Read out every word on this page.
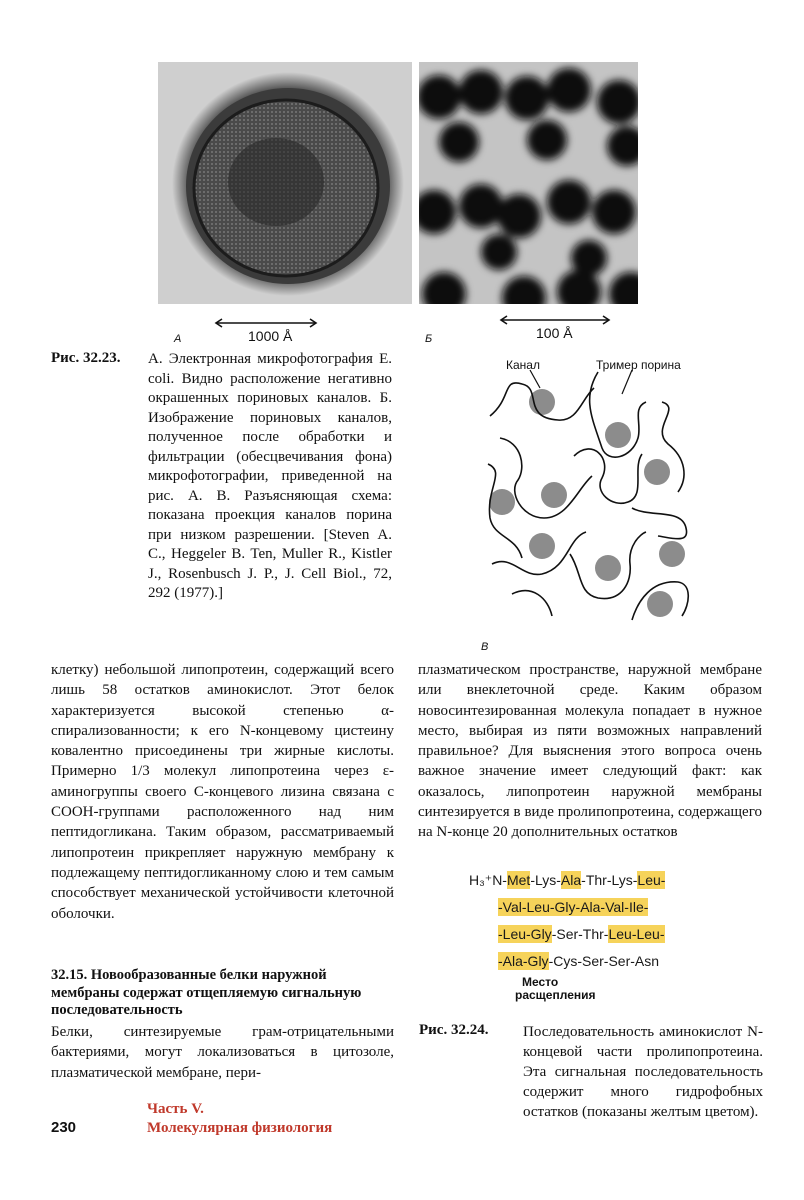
А	1000 Å	Б	100 Å
Рис. 32.23. А. Электронная микрофотография E. coli. Видно расположение негативно окрашенных пориновых каналов. Б. Изображение пориновых каналов, полученное после обработки и фильтрации (обесцвечивания фона) микрофотографии, приведенной на рис. А. В. Разъясняющая схема: показана проекция каналов порина при низком разрешении. [Steven A. C., Heggeler B. Ten, Muller R., Kistler J., Rosenbusch J. P., J. Cell Biol., 72, 292 (1977).]

Канал	Тример порина
В

клетку) небольшой липопротеин, содержащий всего лишь 58 остатков аминокислот. Этот белок характеризуется высокой степенью α-спирализованности; к его N-концевому цистеину ковалентно присоединены три жирные кислоты. Примерно 1/3 молекул липопротеина через ε-аминогруппы своего С-концевого лизина связана с СООН-группами расположенного над ним пептидогликана. Таким образом, рассматриваемый липопротеин прикрепляет наружную мембрану к подлежащему пептидогликанному слою и тем самым способствует механической устойчивости клеточной оболочки.

32.15. Новообразованные белки наружной мембраны содержат отщепляемую сигнальную последовательность

Белки, синтезируемые грам-отрицательными бактериями, могут локализоваться в цитозоле, плазматической мембране, пери-

плазматическом пространстве, наружной мембране или внеклеточной среде. Каким образом новосинтезированная молекула попадает в нужное место, выбирая из пяти возможных направлений правильное? Для выяснения этого вопроса очень важное значение имеет следующий факт: как оказалось, липопротеин наружной мембраны синтезируется в виде пролипопротеина, содержащего на N-конце 20 дополнительных остатков

H₃⁺N-Met-Lys-Ala-Thr-Lys-Leu-
-Val-Leu-Gly-Ala-Val-Ile-
-Leu-Gly-Ser-Thr-Leu-Leu-
-Ala-Gly-Cys-Ser-Ser-Asn
Место
расщепления
Рис. 32.24. Последовательность аминокислот N-концевой части пролипопротеина. Эта сигнальная последовательность содержит много гидрофобных остатков (показаны желтым цветом).

230
Часть V.
Молекулярная физиология
